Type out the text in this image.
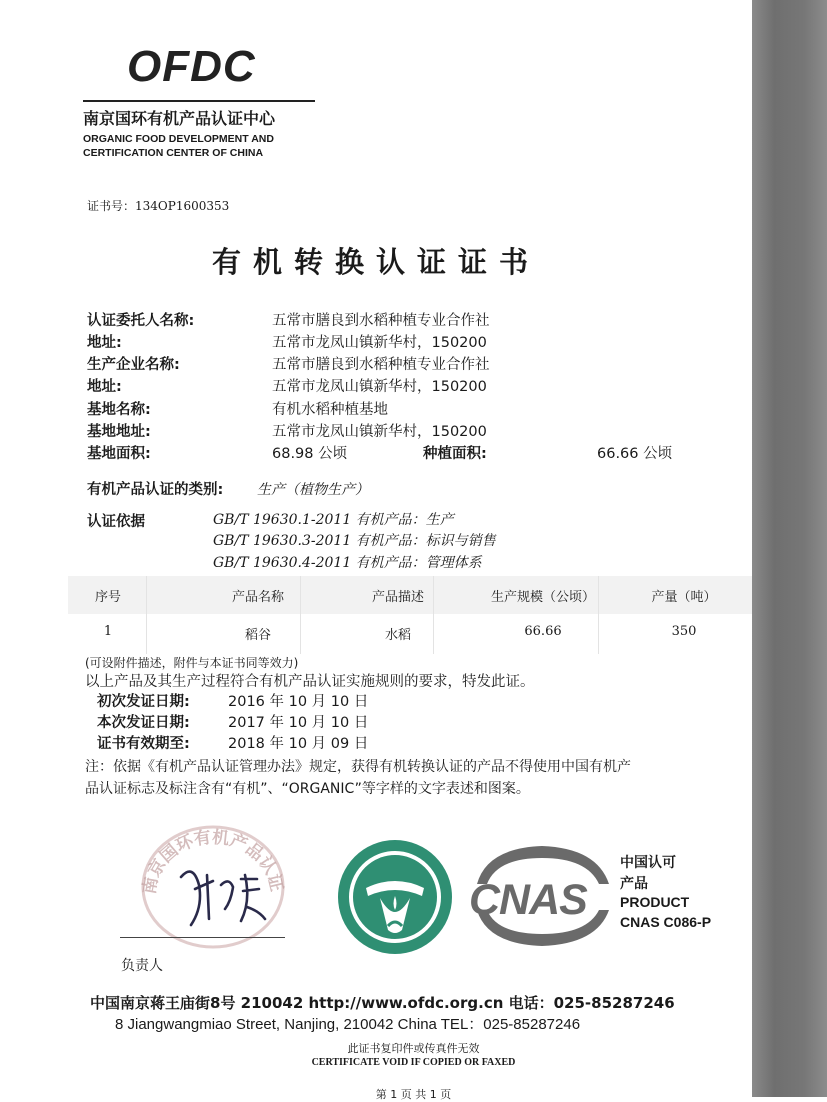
OFDC
南京国环有机产品认证中心
ORGANIC FOOD DEVELOPMENT AND
CERTIFICATION CENTER OF CHINA
证书号：134OP1600353
有机转换认证证书
认证委托人名称:	五常市膳良到水稻种植专业合作社
地址:	五常市龙凤山镇新华村，150200
生产企业名称:	五常市膳良到水稻种植专业合作社
地址:	五常市龙凤山镇新华村，150200
基地名称:	有机水稻种植基地
基地地址:	五常市龙凤山镇新华村，150200
基地面积:	68.98 公顷	种植面积:	66.66 公顷
有机产品认证的类别: 生产（植物生产）
认证依据	GB/T 19630.1-2011 有机产品：生产
GB/T 19630.3-2011 有机产品：标识与销售
GB/T 19630.4-2011 有机产品：管理体系
序号	产品名称	产品描述	生产规模（公顷）	产量（吨）
1	稻谷	水稻	66.66	350
(可设附件描述，附件与本证书同等效力)
以上产品及其生产过程符合有机产品认证实施规则的要求，特发此证。
初次发证日期:	2016 年 10 月 10 日
本次发证日期:	2017 年 10 月 10 日
证书有效期至:	2018 年 10 月 09 日
注：依据《有机产品认证管理办法》规定，获得有机转换认证的产品不得使用中国有机产
品认证标志及标注含有“有机”、“ORGANIC”等字样的文字表述和图案。
南京国环有机产品认证
负责人
CNAS
中国认可
产品
PRODUCT
CNAS C086-P
中国南京蒋王庙街8号 210042 http://www.ofdc.org.cn 电话：025-85287246
8 Jiangwangmiao Street, Nanjing, 210042 China TEL：025-85287246
此证书复印件或传真件无效
CERTIFICATE VOID IF COPIED OR FAXED
第 1 页 共 1 页
